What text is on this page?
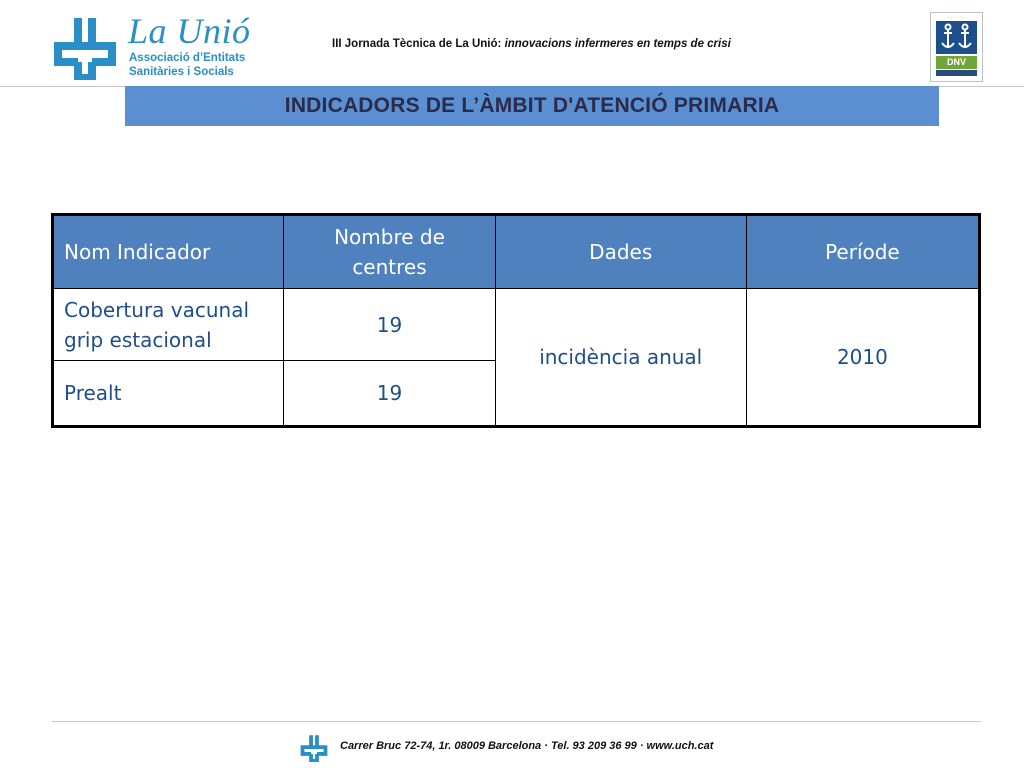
La Unió
Associació d’Entitats
Sanitàries i Socials
III Jornada Tècnica de La Unió: innovacions infermeres en temps de crisi
· · · · · · ·
DNV
INDICADORS DE L’ÀMBIT D'ATENCIÓ PRIMARIA
Nom Indicador	Nombre de centres	Dades	Període
Cobertura vacunal grip estacional	19	incidència anual	2010
Prealt	19		
Carrer Bruc 72-74, 1r. 08009 Barcelona · Tel. 93 209 36 99 · www.uch.cat
